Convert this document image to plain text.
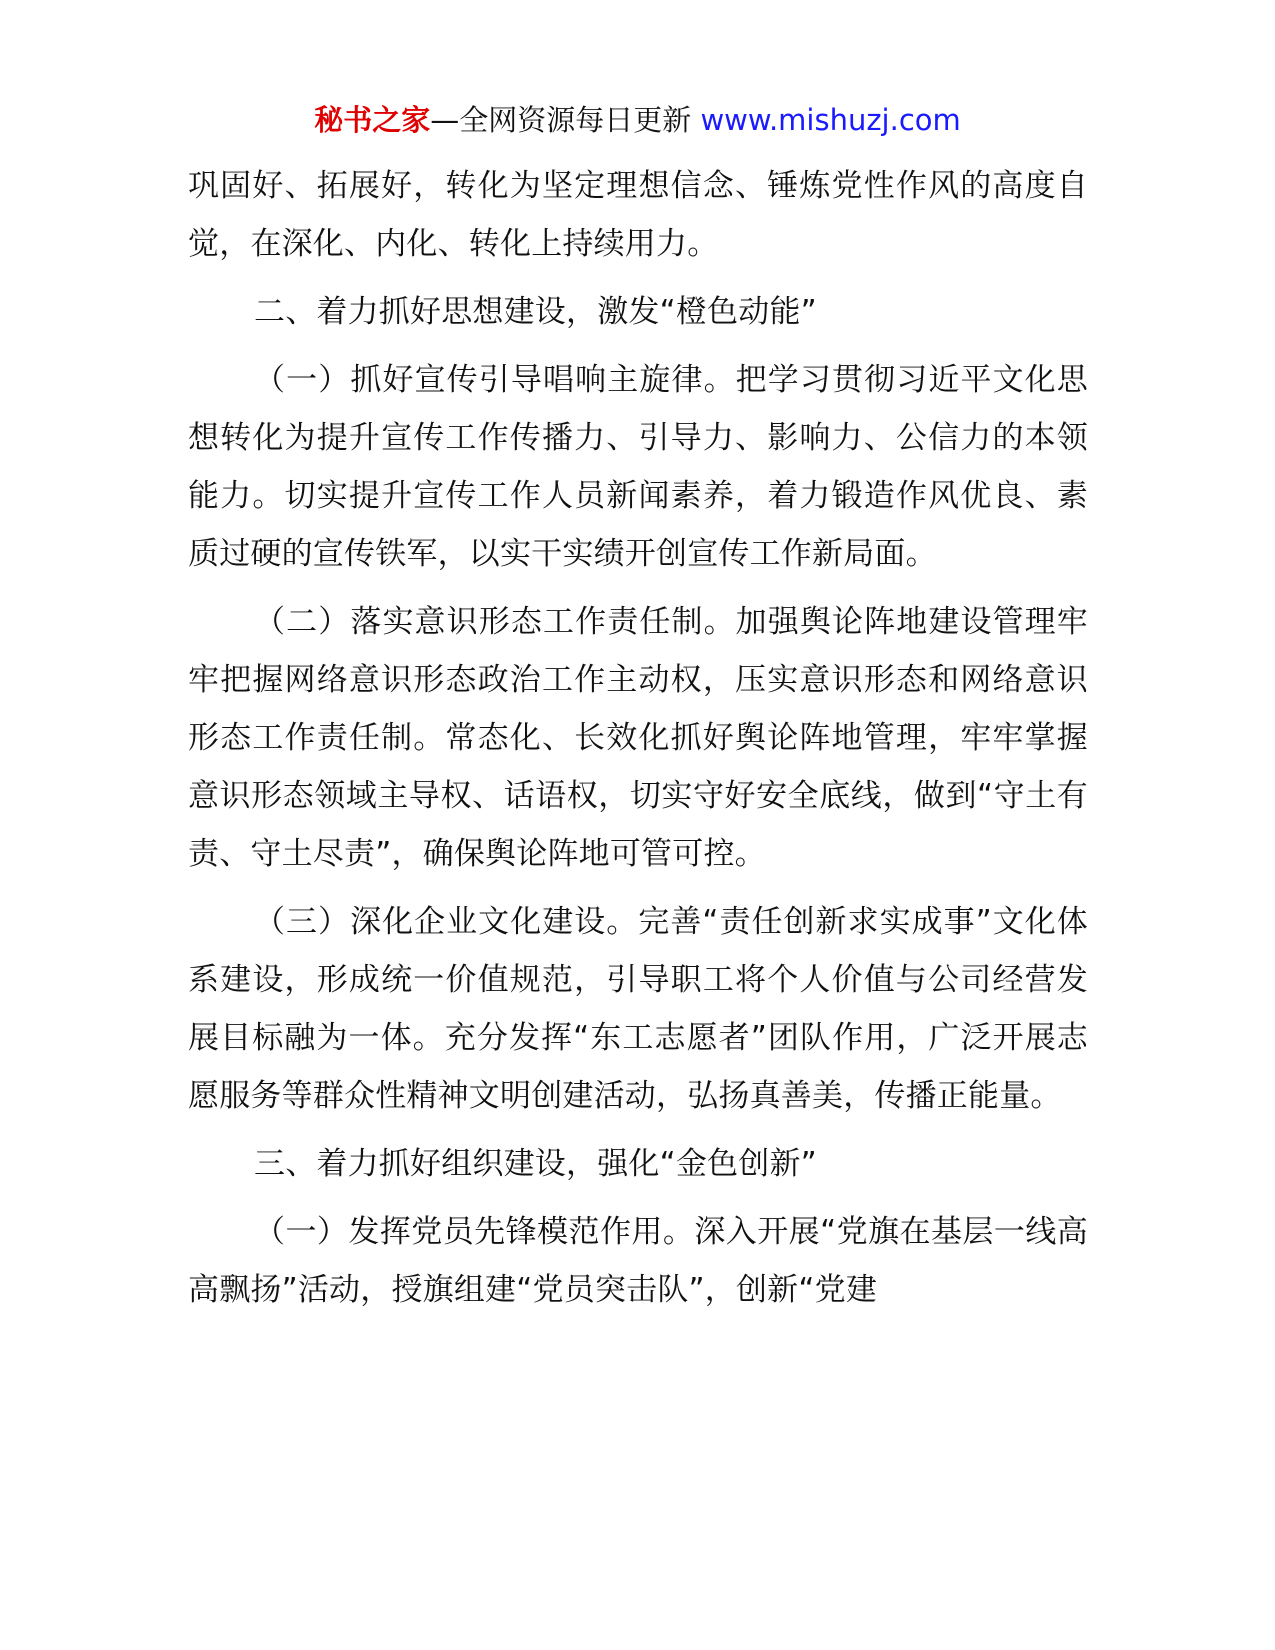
秘书之家—全网资源每日更新 www.mishuzj.com

巩固好、拓展好，转化为坚定理想信念、锤炼党性作风的高度自觉，在深化、内化、转化上持续用力。

二、着力抓好思想建设，激发“橙色动能”

（一）抓好宣传引导唱响主旋律。把学习贯彻习近平文化思想转化为提升宣传工作传播力、引导力、影响力、公信力的本领能力。切实提升宣传工作人员新闻素养，着力锻造作风优良、素质过硬的宣传铁军，以实干实绩开创宣传工作新局面。

（二）落实意识形态工作责任制。加强舆论阵地建设管理牢牢把握网络意识形态政治工作主动权，压实意识形态和网络意识形态工作责任制。常态化、长效化抓好舆论阵地管理，牢牢掌握意识形态领域主导权、话语权，切实守好安全底线，做到“守土有责、守土尽责”，确保舆论阵地可管可控。

（三）深化企业文化建设。完善“责任创新求实成事”文化体系建设，形成统一价值规范，引导职工将个人价值与公司经营发展目标融为一体。充分发挥“东工志愿者”团队作用，广泛开展志愿服务等群众性精神文明创建活动，弘扬真善美，传播正能量。

三、着力抓好组织建设，强化“金色创新”

（一）发挥党员先锋模范作用。深入开展“党旗在基层一线高高飘扬”活动，授旗组建“党员突击队”，创新“党建
